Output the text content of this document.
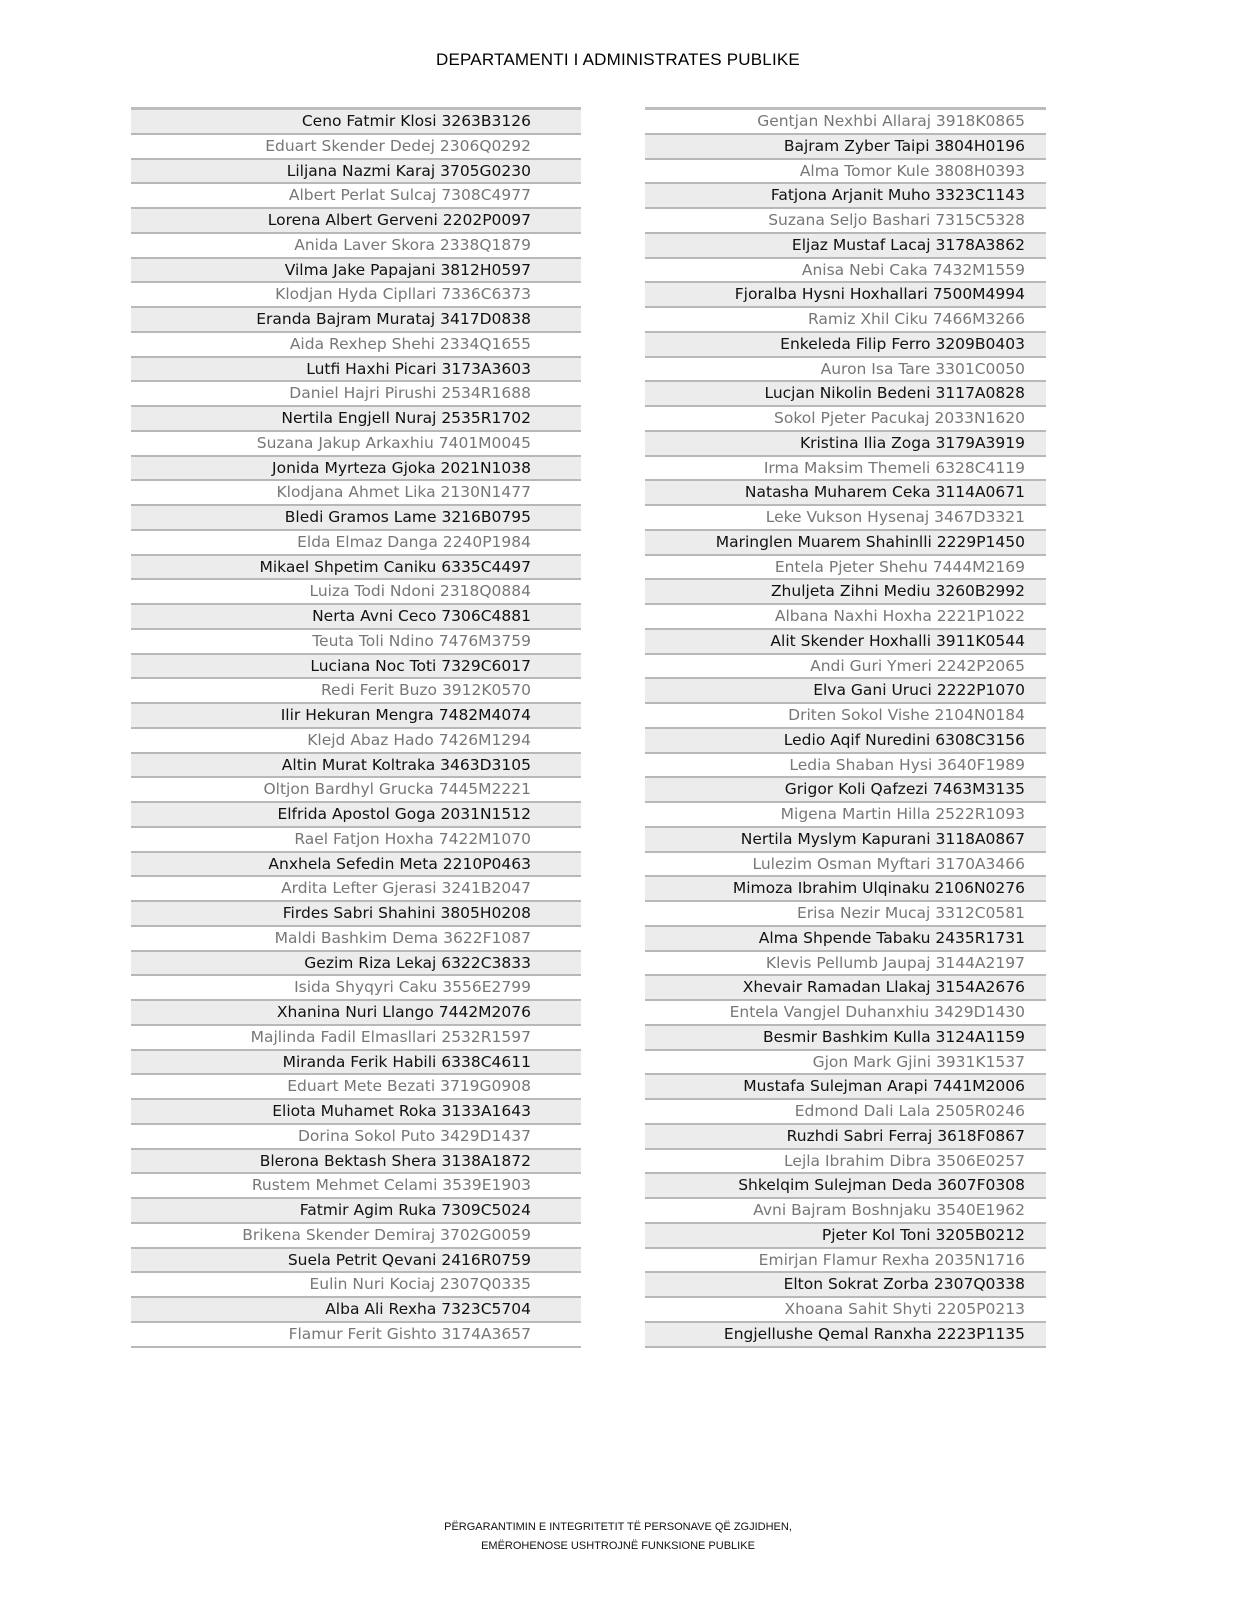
DEPARTAMENTI I ADMINISTRATES PUBLIKE
Ceno Fatmir Klosi 3263B3126
Eduart Skender Dedej 2306Q0292
Liljana Nazmi Karaj 3705G0230
Albert Perlat Sulcaj 7308C4977
Lorena Albert Gerveni 2202P0097
Anida Laver Skora 2338Q1879
Vilma Jake Papajani 3812H0597
Klodjan Hyda Cipllari 7336C6373
Eranda Bajram Murataj 3417D0838
Aida Rexhep Shehi 2334Q1655
Lutfi Haxhi Picari 3173A3603
Daniel Hajri Pirushi 2534R1688
Nertila Engjell Nuraj 2535R1702
Suzana Jakup Arkaxhiu 7401M0045
Jonida Myrteza Gjoka 2021N1038
Klodjana Ahmet Lika 2130N1477
Bledi Gramos Lame 3216B0795
Elda Elmaz Danga 2240P1984
Mikael Shpetim Caniku 6335C4497
Luiza Todi Ndoni 2318Q0884
Nerta Avni Ceco 7306C4881
Teuta Toli Ndino 7476M3759
Luciana Noc Toti 7329C6017
Redi Ferit Buzo 3912K0570
Ilir Hekuran Mengra 7482M4074
Klejd Abaz Hado 7426M1294
Altin Murat Koltraka 3463D3105
Oltjon Bardhyl Grucka 7445M2221
Elfrida Apostol Goga 2031N1512
Rael Fatjon Hoxha 7422M1070
Anxhela Sefedin Meta 2210P0463
Ardita Lefter Gjerasi 3241B2047
Firdes Sabri Shahini 3805H0208
Maldi Bashkim Dema 3622F1087
Gezim Riza Lekaj 6322C3833
Isida Shyqyri Caku 3556E2799
Xhanina Nuri Llango 7442M2076
Majlinda Fadil Elmasllari 2532R1597
Miranda Ferik Habili 6338C4611
Eduart Mete Bezati 3719G0908
Eliota Muhamet Roka 3133A1643
Dorina Sokol Puto 3429D1437
Blerona Bektash Shera 3138A1872
Rustem Mehmet Celami 3539E1903
Fatmir Agim Ruka 7309C5024
Brikena Skender Demiraj 3702G0059
Suela Petrit Qevani 2416R0759
Eulin Nuri Kociaj 2307Q0335
Alba Ali Rexha 7323C5704
Flamur Ferit Gishto 3174A3657
Gentjan Nexhbi Allaraj 3918K0865
Bajram Zyber Taipi 3804H0196
Alma Tomor Kule 3808H0393
Fatjona Arjanit Muho 3323C1143
Suzana Seljo Bashari 7315C5328
Eljaz Mustaf Lacaj 3178A3862
Anisa Nebi Caka 7432M1559
Fjoralba Hysni Hoxhallari 7500M4994
Ramiz Xhil Ciku 7466M3266
Enkeleda Filip Ferro 3209B0403
Auron Isa Tare 3301C0050
Lucjan Nikolin Bedeni 3117A0828
Sokol Pjeter Pacukaj 2033N1620
Kristina Ilia Zoga 3179A3919
Irma Maksim Themeli 6328C4119
Natasha Muharem Ceka 3114A0671
Leke Vukson Hysenaj 3467D3321
Maringlen Muarem Shahinlli 2229P1450
Entela Pjeter Shehu 7444M2169
Zhuljeta Zihni Mediu 3260B2992
Albana Naxhi Hoxha 2221P1022
Alit Skender Hoxhalli 3911K0544
Andi Guri Ymeri 2242P2065
Elva Gani Uruci 2222P1070
Driten Sokol Vishe 2104N0184
Ledio Aqif Nuredini 6308C3156
Ledia Shaban Hysi 3640F1989
Grigor Koli Qafzezi 7463M3135
Migena Martin Hilla 2522R1093
Nertila Myslym Kapurani 3118A0867
Lulezim Osman Myftari 3170A3466
Mimoza Ibrahim Ulqinaku 2106N0276
Erisa Nezir Mucaj 3312C0581
Alma Shpende Tabaku 2435R1731
Klevis Pellumb Jaupaj 3144A2197
Xhevair Ramadan Llakaj 3154A2676
Entela Vangjel Duhanxhiu 3429D1430
Besmir Bashkim Kulla 3124A1159
Gjon Mark Gjini 3931K1537
Mustafa Sulejman Arapi 7441M2006
Edmond Dali Lala 2505R0246
Ruzhdi Sabri Ferraj 3618F0867
Lejla Ibrahim Dibra 3506E0257
Shkelqim Sulejman Deda 3607F0308
Avni Bajram Boshnjaku 3540E1962
Pjeter Kol Toni 3205B0212
Emirjan Flamur Rexha 2035N1716
Elton Sokrat Zorba 2307Q0338
Xhoana Sahit Shyti 2205P0213
Engjellushe Qemal Ranxha 2223P1135
PËRGARANTIMIN E INTEGRITETIT TË PERSONAVE QË ZGJIDHEN,
EMËROHENOSE USHTROJNË FUNKSIONE PUBLIKE
